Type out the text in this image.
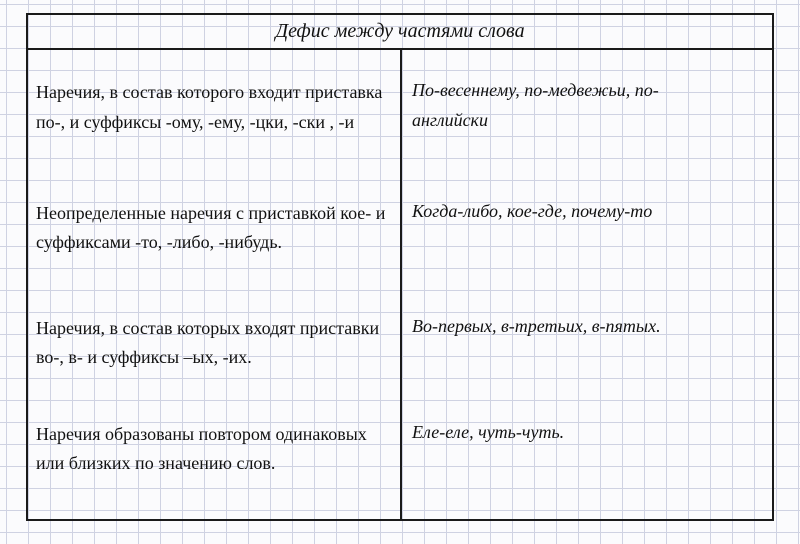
Дефис между частями слова
Наречия, в состав которого входит приставка по-, и суффиксы -ому, -ему, -цки, -ски , -и
По-весеннему, по-медвежьи, по-
английски
Неопределенные наречия с приставкой кое- и суффиксами -то, -либо, -нибудь.
Когда-либо, кое-где, почему-то
Наречия, в состав которых входят приставки во-, в- и суффиксы –ых, -их.
Во-первых, в-третьих, в-пятых.
Наречия образованы повтором одинаковых или близких по значению слов.
Еле-еле, чуть-чуть.
